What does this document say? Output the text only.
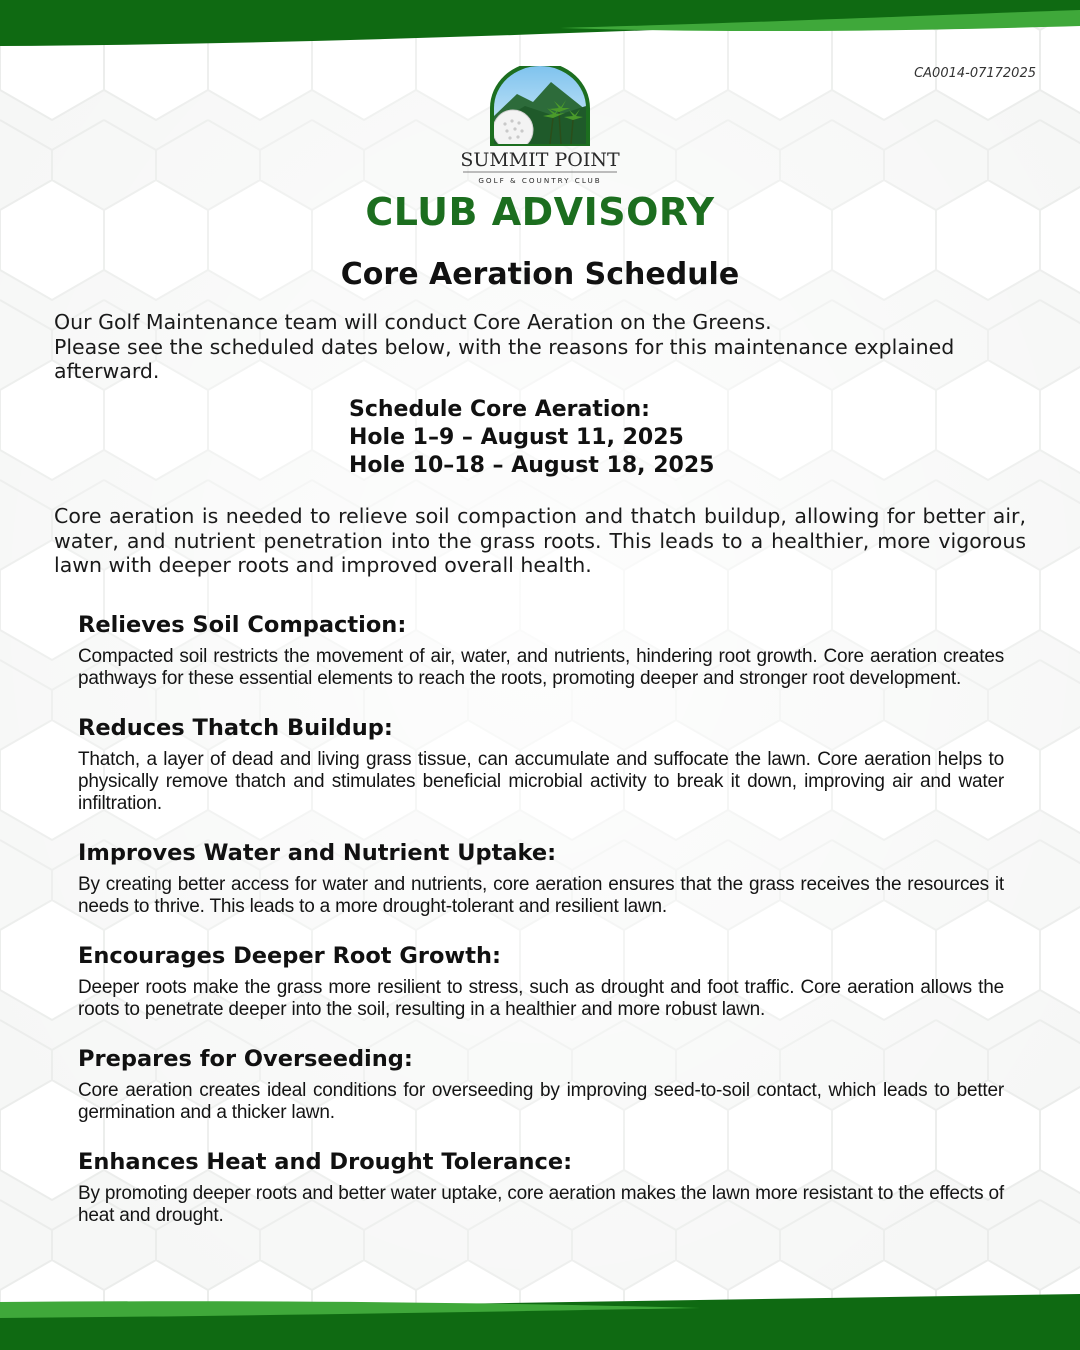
CA0014-07172025
SUMMIT POINT
GOLF & COUNTRY CLUB
CLUB ADVISORY
Core Aeration Schedule

Our Golf Maintenance team will conduct Core Aeration on the Greens.

Please see the scheduled dates below, with the reasons for this maintenance explained afterward.

Schedule Core Aeration:
Hole 1–9 – August 11, 2025
Hole 10–18 – August 18, 2025
Core aeration is needed to relieve soil compaction and thatch buildup, allowing for better air, water, and nutrient penetration into the grass roots. This leads to a healthier, more vigorous lawn with deeper roots and improved overall health.
Relieves Soil Compaction:

Compacted soil restricts the movement of air, water, and nutrients, hindering root growth. Core aeration creates pathways for these essential elements to reach the roots, promoting deeper and stronger root development.

Reduces Thatch Buildup:

Thatch, a layer of dead and living grass tissue, can accumulate and suffocate the lawn. Core aeration helps to physically remove thatch and stimulates beneficial microbial activity to break it down, improving air and water infiltration.

Improves Water and Nutrient Uptake:

By creating better access for water and nutrients, core aeration ensures that the grass receives the resources it needs to thrive. This leads to a more drought-tolerant and resilient lawn.

Encourages Deeper Root Growth:

Deeper roots make the grass more resilient to stress, such as drought and foot traffic. Core aeration allows the roots to penetrate deeper into the soil, resulting in a healthier and more robust lawn.

Prepares for Overseeding:

Core aeration creates ideal conditions for overseeding by improving seed-to-soil contact, which leads to better germination and a thicker lawn.

Enhances Heat and Drought Tolerance:

By promoting deeper roots and better water uptake, core aeration makes the lawn more resistant to the effects of heat and drought.
